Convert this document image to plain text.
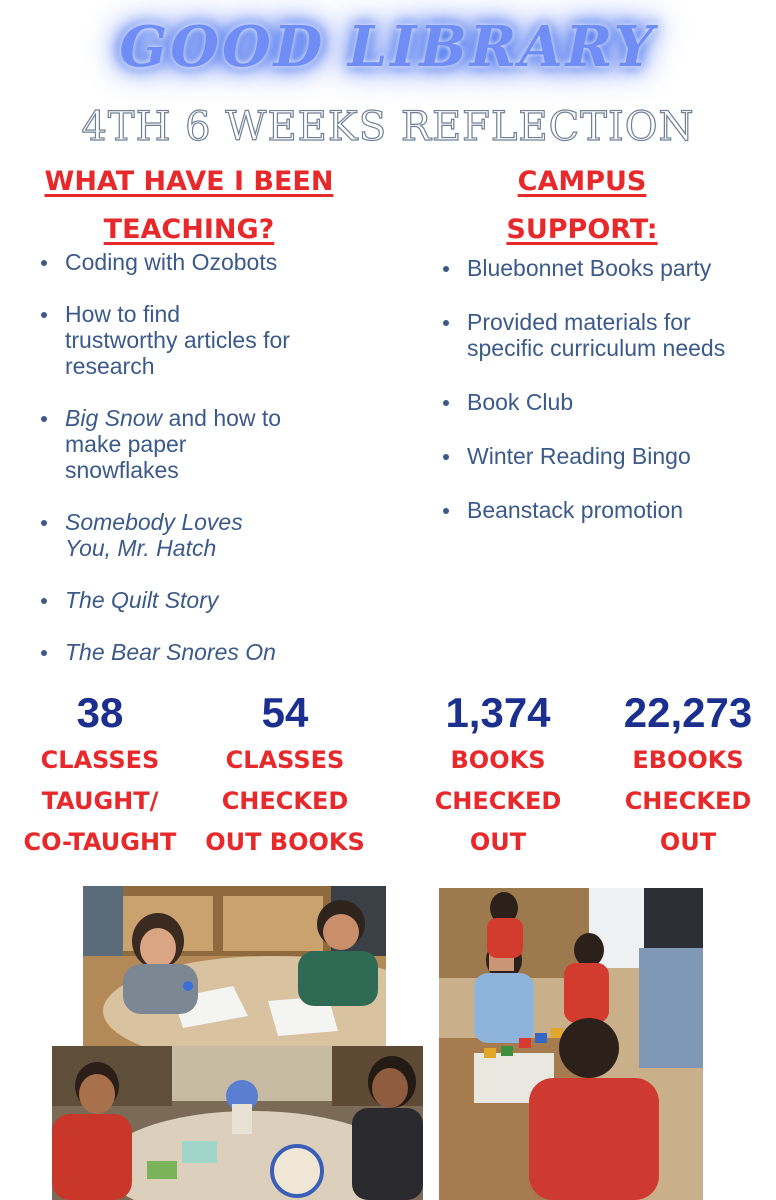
GOOD LIBRARY
4TH 6 WEEKS REFLECTION
WHAT HAVE I BEEN
TEACHING?
CAMPUS
SUPPORT:
Coding with Ozobots
How to find trustworthy articles for research
Big Snow and how to make paper snowflakes
Somebody Loves You, Mr. Hatch
The Quilt Story
The Bear Snores On
Bluebonnet Books party
Provided materials for specific curriculum needs
Book Club
Winter Reading Bingo
Beanstack promotion
38
CLASSES
TAUGHT/
CO-TAUGHT
54
CLASSES
CHECKED
OUT BOOKS
1,374
BOOKS
CHECKED
OUT
22,273
EBOOKS
CHECKED
OUT
